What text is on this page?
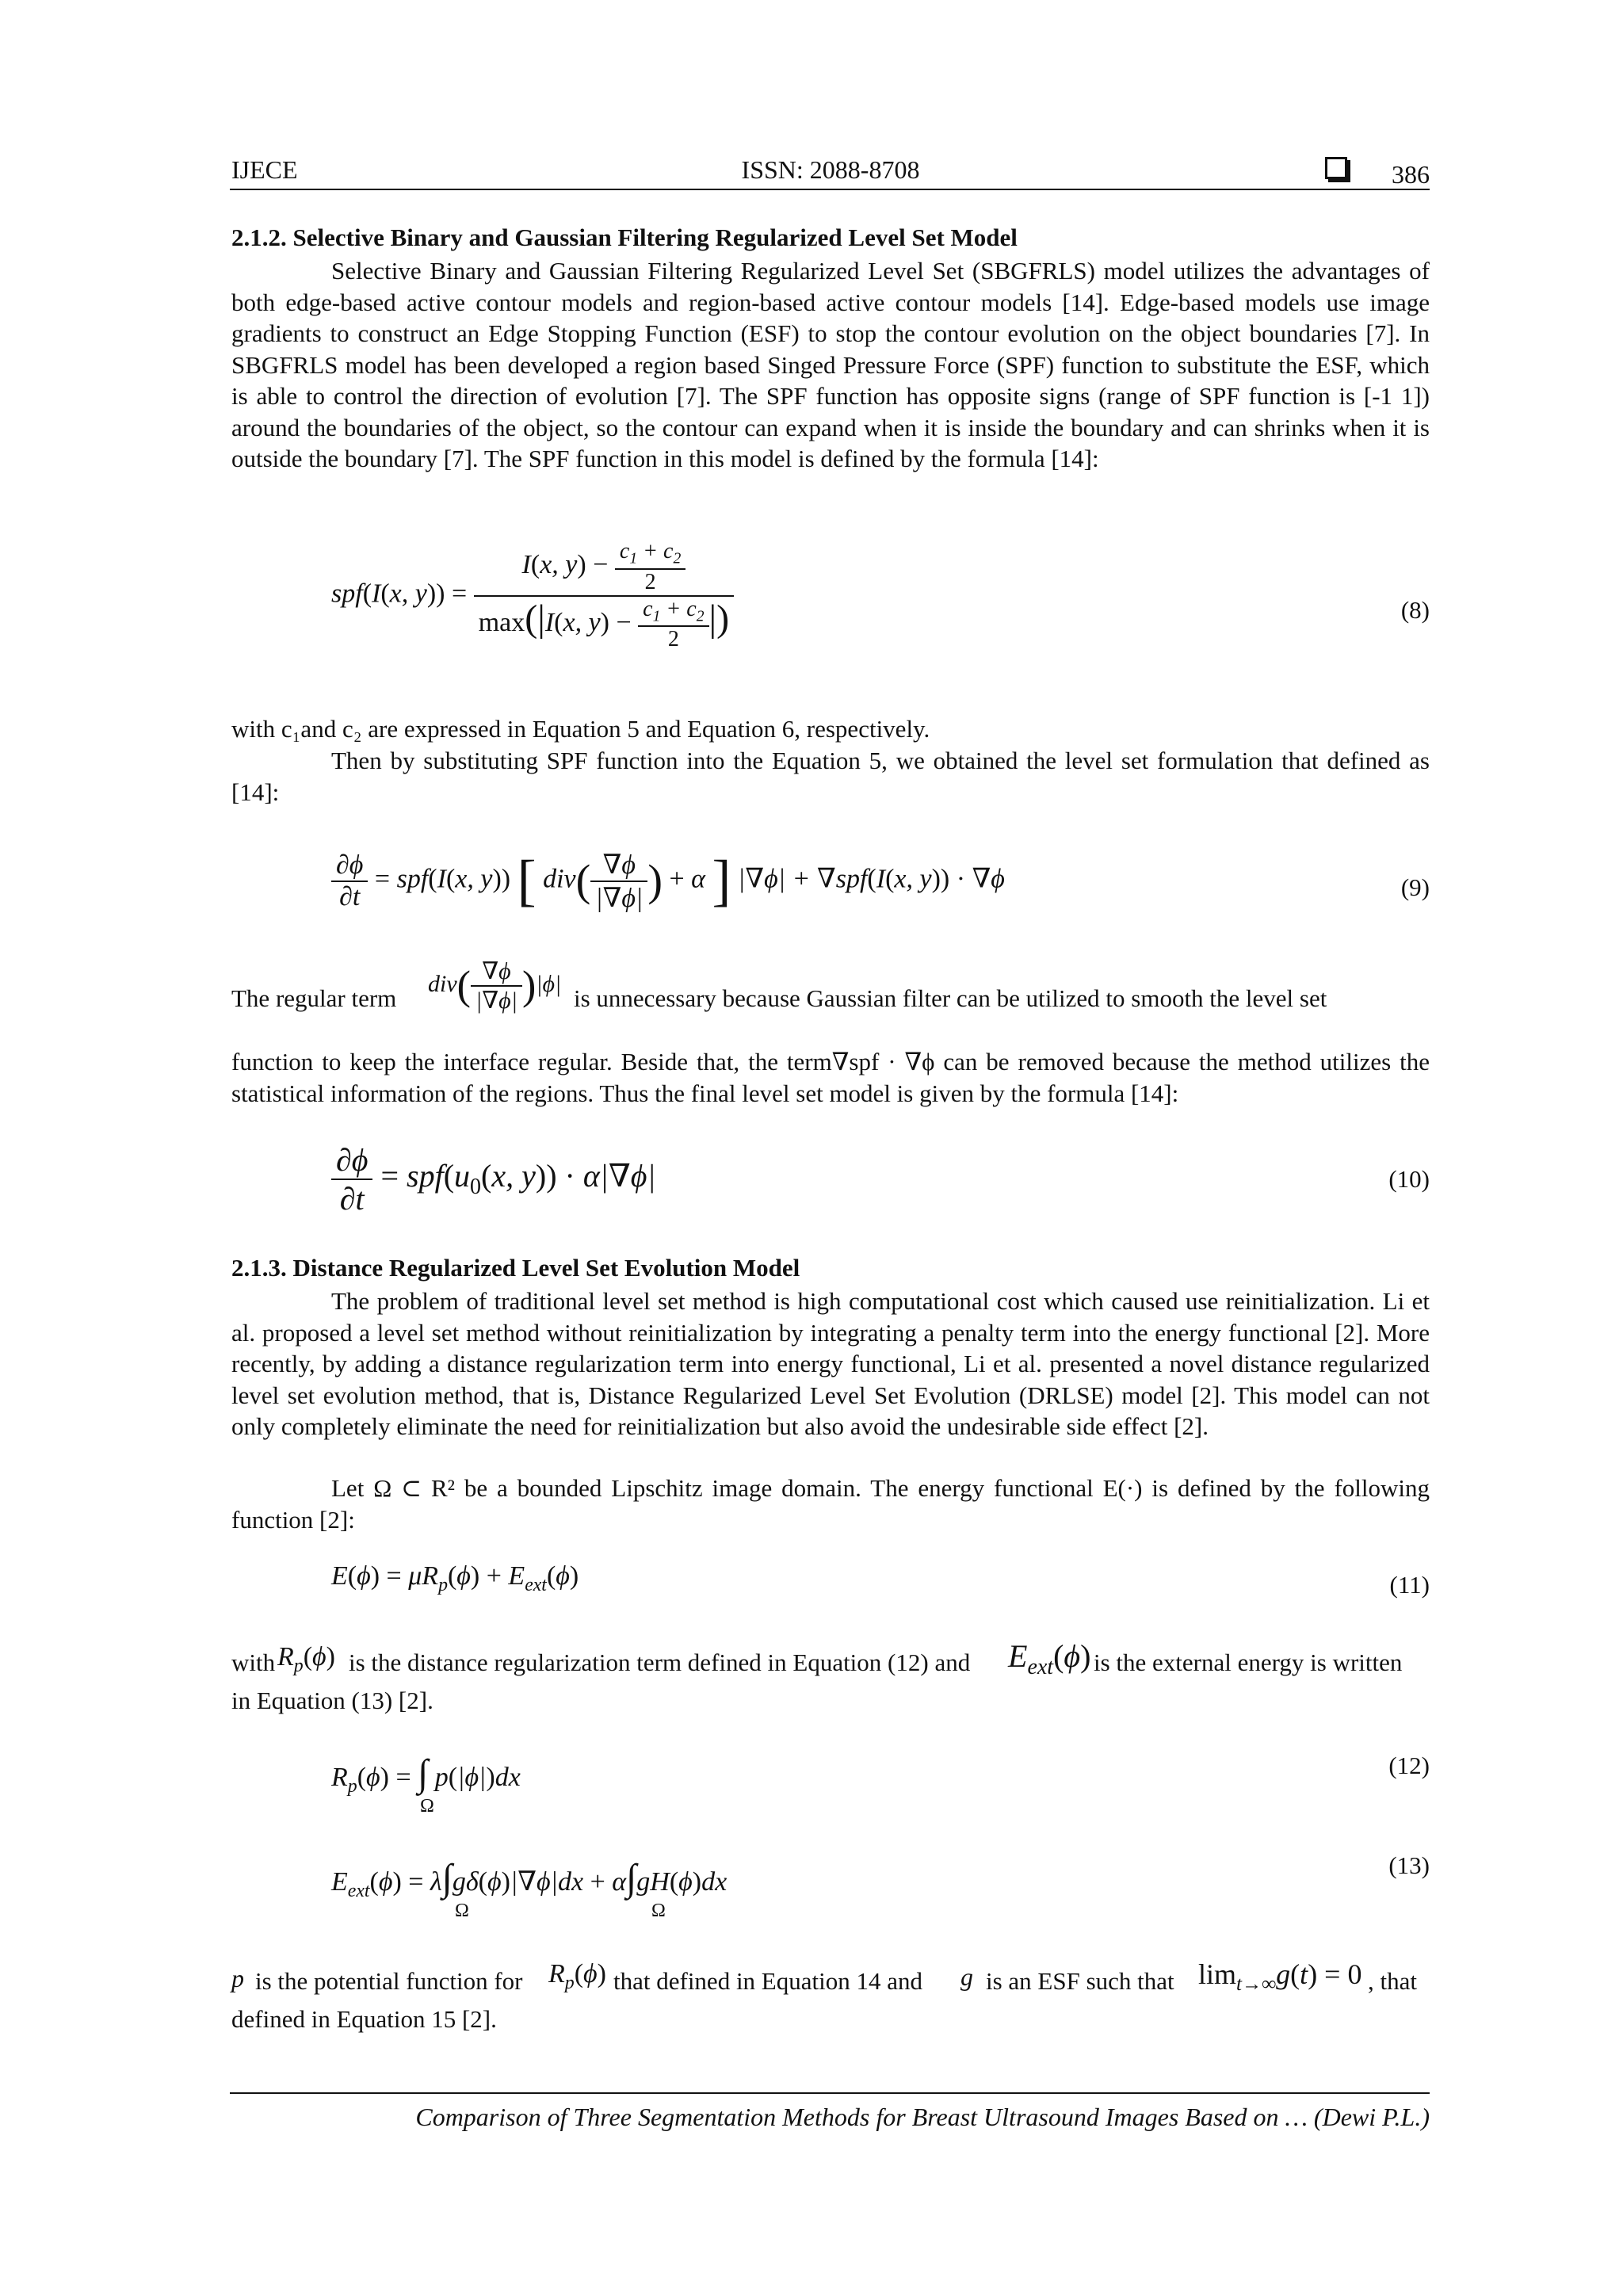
IJECE	ISSN: 2088-8708	386
2.1.2. Selective Binary and Gaussian Filtering Regularized Level Set Model
Selective Binary and Gaussian Filtering Regularized Level Set (SBGFRLS) model utilizes the advantages of both edge-based active contour models and region-based active contour models [14]. Edge-based models use image gradients to construct an Edge Stopping Function (ESF) to stop the contour evolution on the object boundaries [7]. In SBGFRLS model has been developed a region based Singed Pressure Force (SPF) function to substitute the ESF, which is able to control the direction of evolution [7]. The SPF function has opposite signs (range of SPF function is [-1 1]) around the boundaries of the object, so the contour can expand when it is inside the boundary and can shrinks when it is outside the boundary [7]. The SPF function in this model is defined by the formula [14]:
spf(I(x, $y)) = \frac{I(x, y) - \frac{c_1 + c_2}{2}}{\max(|I(x, y) - \frac{c_1 + c_2}{2} |)}$	(8)
with c₁and c₂ are expressed in Equation 5 and Equation 6, respectively.
Then by substituting SPF function into the Equation 5, we obtained the level set formulation that defined as [14]:
$\frac{\partial\phi}{\partial t} = spf(I(x$, y)) [ $div( \frac{\nabla\phi}{|\nabla\phi|}$ ) + α ] |∇ϕ| + ∇spf(I(x, y)) · ∇ϕ	(9)
The regular term
$div( \frac{\nabla\phi}{|\nabla\phi|} )|\phi|$
is unnecessary because Gaussian filter can be utilized to smooth the level set
function to keep the interface regular. Beside that, the term∇spf · ∇ϕ can be removed because the method utilizes the statistical information of the regions. Thus the final level set model is given by the formula [14]:
$\frac{\partial\phi}{\partial t} = spf(u_0(x$, y)) · α|∇ϕ|	(10)
2.1.3. Distance Regularized Level Set Evolution Model
The problem of traditional level set method is high computational cost which caused use reinitialization. Li et al. proposed a level set method without reinitialization by integrating a penalty term into the energy functional [2]. More recently, by adding a distance regularization term into energy functional, Li et al. presented a novel distance regularized level set evolution method, that is, Distance Regularized Level Set Evolution (DRLSE) model [2]. This model can not only completely eliminate the need for reinitialization but also avoid the undesirable side effect [2].
Let Ω ⊂ R² be a bounded Lipschitz image domain. The energy functional E(·) is defined by the following function [2]:
$E(\phi) = \mu R_p(\phi) + E_{ext}(\phi)$	(11)
with $R_p(\phi)$ is the distance regularization term defined in Equation (12) and $E_{ext}(\phi)$ is the external energy is written
in Equation (13) [2].
$R_p(\phi)$ = ∫ p(|ϕ|)dx
Ω
(12)
$E_{ext}(\phi) = \lambda\int g\delta(\phi)|\nabla\phi|dx + \alpha\int gH(\phi)dx$
Ω	Ω
(13)
p is the potential function for $R_p(\phi)$ that defined in Equation 14 and g is an ESF such that $\lim_{t\to\infty}g(t) = 0$ , that
defined in Equation 15 [2].
Comparison of Three Segmentation Methods for Breast Ultrasound Images Based on … (Dewi P.L.)
